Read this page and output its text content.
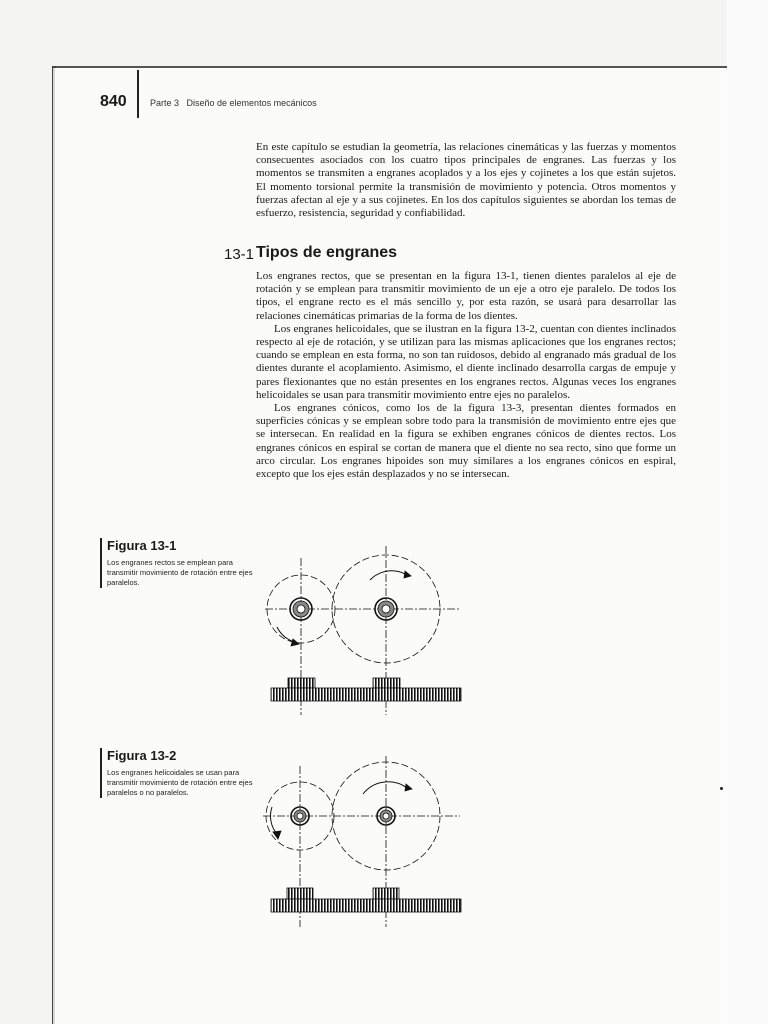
840	Parte 3   Diseño de elementos mecánicos
En este capítulo se estudian la geometría, las relaciones cinemáticas y las fuerzas y momentos consecuentes asociados con los cuatro tipos principales de engranes. Las fuerzas y los momentos se transmiten a engranes acoplados y a los ejes y cojinetes a los que están sujetos. El momento torsional permite la transmisión de movimiento y potencia. Otros momentos y fuerzas afectan al eje y a sus cojinetes. En los dos capítulos siguientes se abordan los temas de esfuerzo, resistencia, seguridad y confiabilidad.
13-1 Tipos de engranes

Los engranes rectos, que se presentan en la figura 13-1, tienen dientes paralelos al eje de rotación y se emplean para transmitir movimiento de un eje a otro eje paralelo. De todos los tipos, el engrane recto es el más sencillo y, por esta razón, se usará para desarrollar las relaciones cinemáticas primarias de la forma de los dientes.

Los engranes helicoidales, que se ilustran en la figura 13-2, cuentan con dientes inclinados respecto al eje de rotación, y se utilizan para las mismas aplicaciones que los engranes rectos; cuando se emplean en esta forma, no son tan ruidosos, debido al engranado más gradual de los dientes durante el acoplamiento. Asimismo, el diente inclinado desarrolla cargas de empuje y pares flexionantes que no están presentes en los engranes rectos. Algunas veces los engranes helicoidales se usan para transmitir movimiento entre ejes no paralelos.

Los engranes cónicos, como los de la figura 13-3, presentan dientes formados en superficies cónicas y se emplean sobre todo para la transmisión de movimiento entre ejes que se intersecan. En realidad en la figura se exhiben engranes cónicos de dientes rectos. Los engranes cónicos en espiral se cortan de manera que el diente no sea recto, sino que forme un arco circular. Los engranes hipoides son muy similares a los engranes cónicos en espiral, excepto que los ejes están desplazados y no se intersecan.

Figura 13-1
Los engranes rectos se emplean para transmitir movimiento de rotación entre ejes paralelos.
Figura 13-2
Los engranes helicoidales se usan para transmitir movimiento de rotación entre ejes paralelos o no paralelos.
